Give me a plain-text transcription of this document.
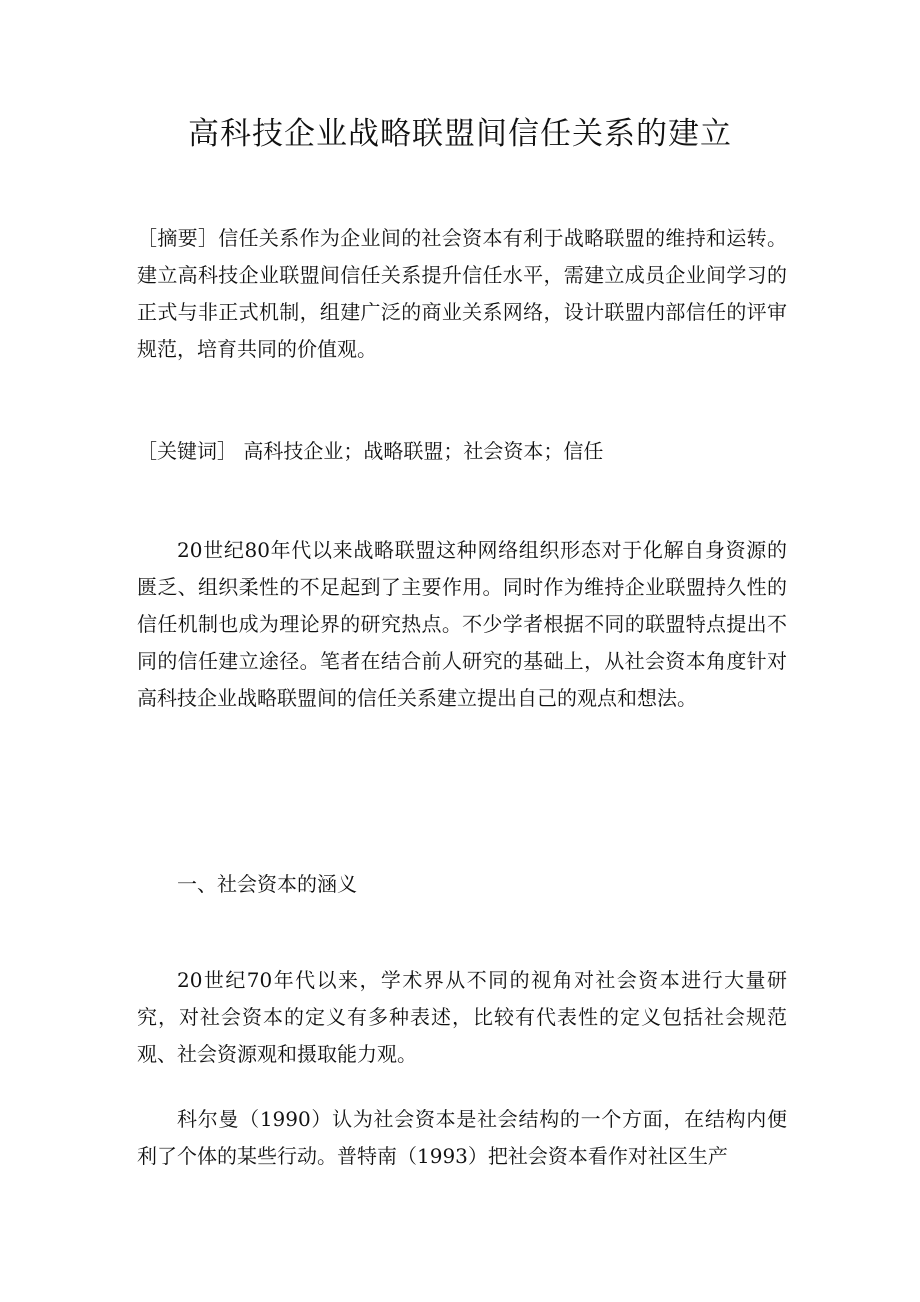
高科技企业战略联盟间信任关系的建立

［摘要］信任关系作为企业间的社会资本有利于战略联盟的维持和运转。建立高科技企业联盟间信任关系提升信任水平，需建立成员企业间学习的正式与非正式机制，组建广泛的商业关系网络，设计联盟内部信任的评审规范，培育共同的价值观。

［关键词］ 高科技企业；战略联盟；社会资本；信任

20世纪80年代以来战略联盟这种网络组织形态对于化解自身资源的匮乏、组织柔性的不足起到了主要作用。同时作为维持企业联盟持久性的信任机制也成为理论界的研究热点。不少学者根据不同的联盟特点提出不同的信任建立途径。笔者在结合前人研究的基础上，从社会资本角度针对高科技企业战略联盟间的信任关系建立提出自己的观点和想法。

一、社会资本的涵义

20世纪70年代以来，学术界从不同的视角对社会资本进行大量研究，对社会资本的定义有多种表述，比较有代表性的定义包括社会规范观、社会资源观和摄取能力观。

科尔曼（1990）认为社会资本是社会结构的一个方面，在结构内便利了个体的某些行动。普特南（1993）把社会资本看作对社区生产
